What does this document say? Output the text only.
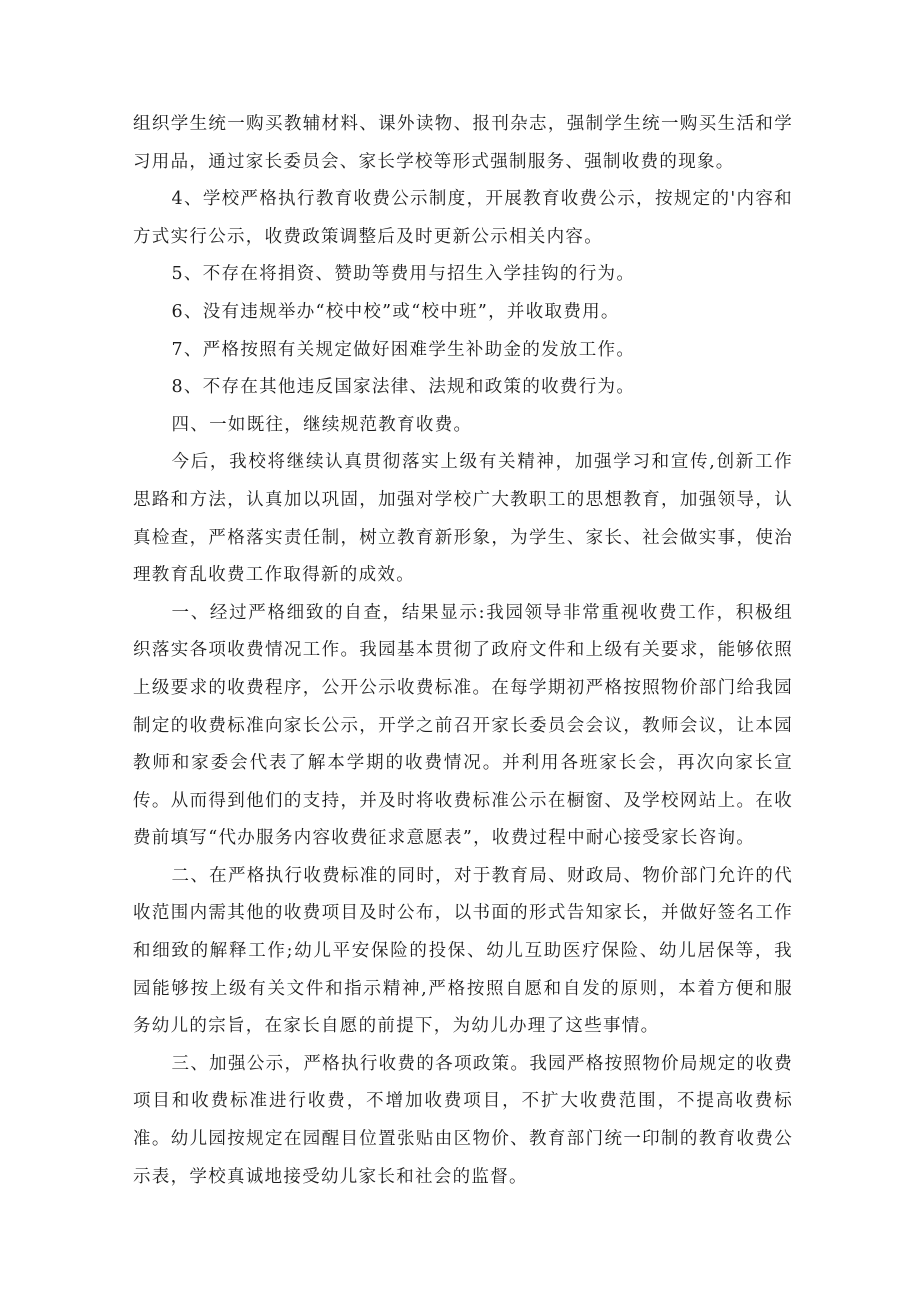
组织学生统一购买教辅材料、课外读物、报刊杂志，强制学生统一购买生活和学习用品，通过家长委员会、家长学校等形式强制服务、强制收费的现象。

4、学校严格执行教育收费公示制度，开展教育收费公示，按规定的'内容和方式实行公示，收费政策调整后及时更新公示相关内容。

5、不存在将捐资、赞助等费用与招生入学挂钩的行为。

6、没有违规举办“校中校”或“校中班”，并收取费用。

7、严格按照有关规定做好困难学生补助金的发放工作。

8、不存在其他违反国家法律、法规和政策的收费行为。

四、一如既往，继续规范教育收费。

今后，我校将继续认真贯彻落实上级有关精神，加强学习和宣传,创新工作思路和方法，认真加以巩固，加强对学校广大教职工的思想教育，加强领导，认真检查，严格落实责任制，树立教育新形象，为学生、家长、社会做实事，使治理教育乱收费工作取得新的成效。

一、经过严格细致的自查，结果显示:我园领导非常重视收费工作，积极组织落实各项收费情况工作。我园基本贯彻了政府文件和上级有关要求，能够依照上级要求的收费程序，公开公示收费标准。在每学期初严格按照物价部门给我园制定的收费标准向家长公示，开学之前召开家长委员会会议，教师会议，让本园教师和家委会代表了解本学期的收费情况。并利用各班家长会，再次向家长宣传。从而得到他们的支持，并及时将收费标准公示在橱窗、及学校网站上。在收费前填写“代办服务内容收费征求意愿表”，收费过程中耐心接受家长咨询。

二、在严格执行收费标准的同时，对于教育局、财政局、物价部门允许的代收范围内需其他的收费项目及时公布，以书面的形式告知家长，并做好签名工作和细致的解释工作;幼儿平安保险的投保、幼儿互助医疗保险、幼儿居保等，我园能够按上级有关文件和指示精神,严格按照自愿和自发的原则，本着方便和服务幼儿的宗旨，在家长自愿的前提下，为幼儿办理了这些事情。

三、加强公示，严格执行收费的各项政策。我园严格按照物价局规定的收费项目和收费标准进行收费，不增加收费项目，不扩大收费范围，不提高收费标准。幼儿园按规定在园醒目位置张贴由区物价、教育部门统一印制的教育收费公示表，学校真诚地接受幼儿家长和社会的监督。
